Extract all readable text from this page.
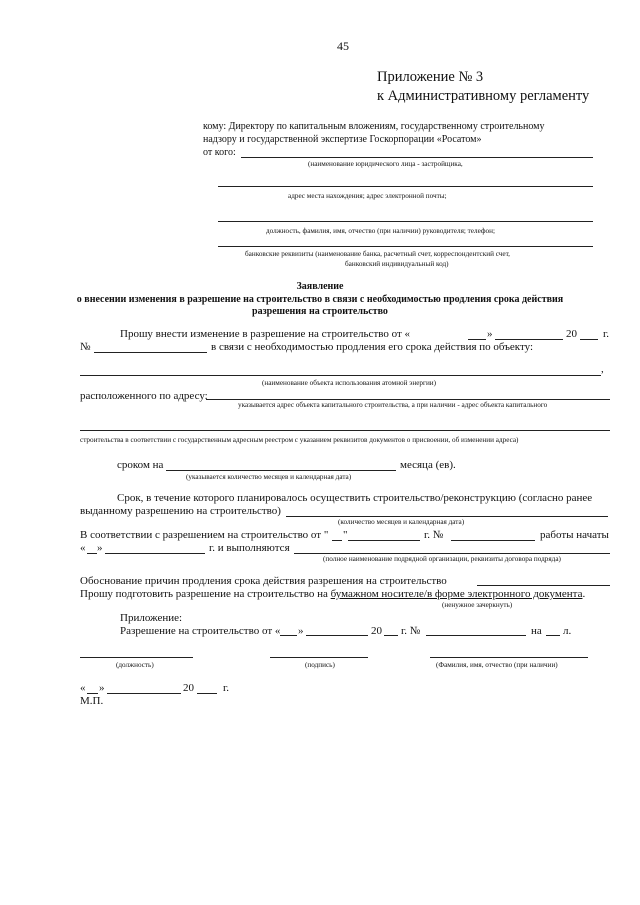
45
Приложение № 3
к Административному регламенту
кому: Директору по капитальным вложениям, государственному строительному
надзору и государственной экспертизе Госкорпорации «Росатом»
от кого:
(наименование юридического лица - застройщика,
адрес места нахождения; адрес электронной почты;
должность, фамилия, имя, отчество (при наличии) руководителя; телефон;
банковские реквизиты (наименование банка, расчетный счет, корреспондентский счет,
банковский индивидуальный код)
Заявление
о внесении изменения в разрешение на строительство в связи с необходимостью продления срока действия
разрешения на строительство
Прошу внести изменение в разрешение на строительство от «	»	20 г.
№	в связи с необходимостью продления его срока действия по объекту:
,
(наименование объекта использования атомной энергии)
расположенного по адресу:
указывается адрес объекта капитального строительства, а при наличии - адрес объекта капитального
строительства в соответствии с государственным адресным реестром с указанием реквизитов документов о присвоении, об изменении адреса)
сроком на	месяца (ев).
(указывается количество месяцев и календарная дата)
Срок, в течение которого планировалось осуществить строительство/реконструкцию (согласно ранее
выданному разрешению на строительство)
(количество месяцев и календарная дата)
В соответствии с разрешением на строительство от " "	г. №	работы начаты
« »	г. и выполняются
(полное наименование подрядной организации, реквизиты договора подряда)
Обоснование причин продления срока действия разрешения на строительство
Прошу подготовить разрешение на строительство на бумажном носителе/в форме электронного документа.
(ненужное зачеркнуть)
Приложение:
Разрешение на строительство от « »	20 г. №	на л.
(должность)	(подпись)	(Фамилия, имя, отчество (при наличии)
« »	20	г.
М.П.
